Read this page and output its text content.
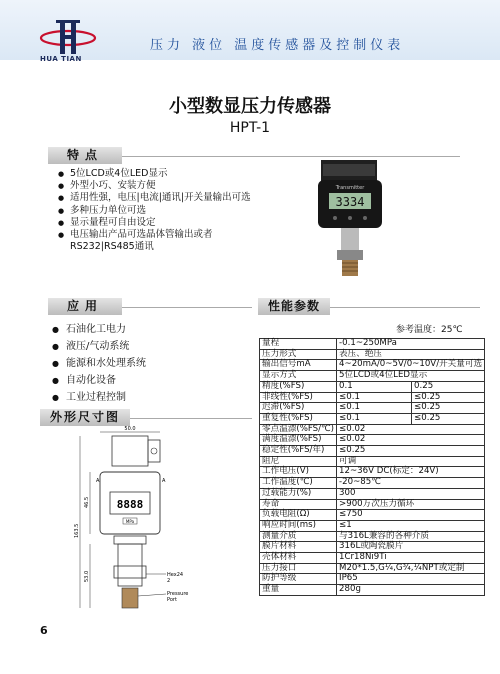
HUA TIAN
压力 液位 温度传感器及控制仪表
小型数显压力传感器
HPT-1
特点
● 5位LCD或4位LED显示
● 外型小巧、安装方便
● 适用性强，电压|电流|通讯|开关量输出可选
● 多种压力单位可选
● 显示量程可自由设定
● 电压输出产品可选晶体管输出或者
RS232|RS485通讯
Transmitter
3334
应用
● 石油化工电力
● 液压/气动系统
● 能源和水处理系统
● 自动化设备
● 工业过程控制
外形尺寸图
50.0
A	A
8888
MPa
163.5
46.5
53.0	Hex24
2
Pressure
Port
性能参数
参考温度：25℃
量程	-0.1~250MPa	
压力形式	表压、绝压	
输出信号mA	4~20mA/0~5V/0~10V/开关量可选	
显示方式	5位LCD或4位LED显示	
精度(%FS)	0.1	0.25
非线性(%FS)	≤0.1	≤0.25
迟滞(%FS)	≤0.1	≤0.25
重复性(%FS)	≤0.1	≤0.25
零点温漂(%FS/℃)	≤0.02	
满度温漂(%FS)	≤0.02	
稳定性(%FS/年)	≤0.25	
阻尼	可调	
工作电压(V)	12~36V DC(标定：24V)	
工作温度(℃)	-20~85℃	
过载能力(%)	300	
寿命	>900万次压力循环	
负载电阻(Ω)	≤750	
响应时间(ms)	≤1	
测量介质	与316L兼容的各种介质	
膜片材料	316L或陶瓷膜片	
壳体材料	1Cr18Ni9Ti	
压力接口	M20*1.5,G¼,G¾,¼NPT或定制	
防护等级	IP65	
重量	280g	
6
